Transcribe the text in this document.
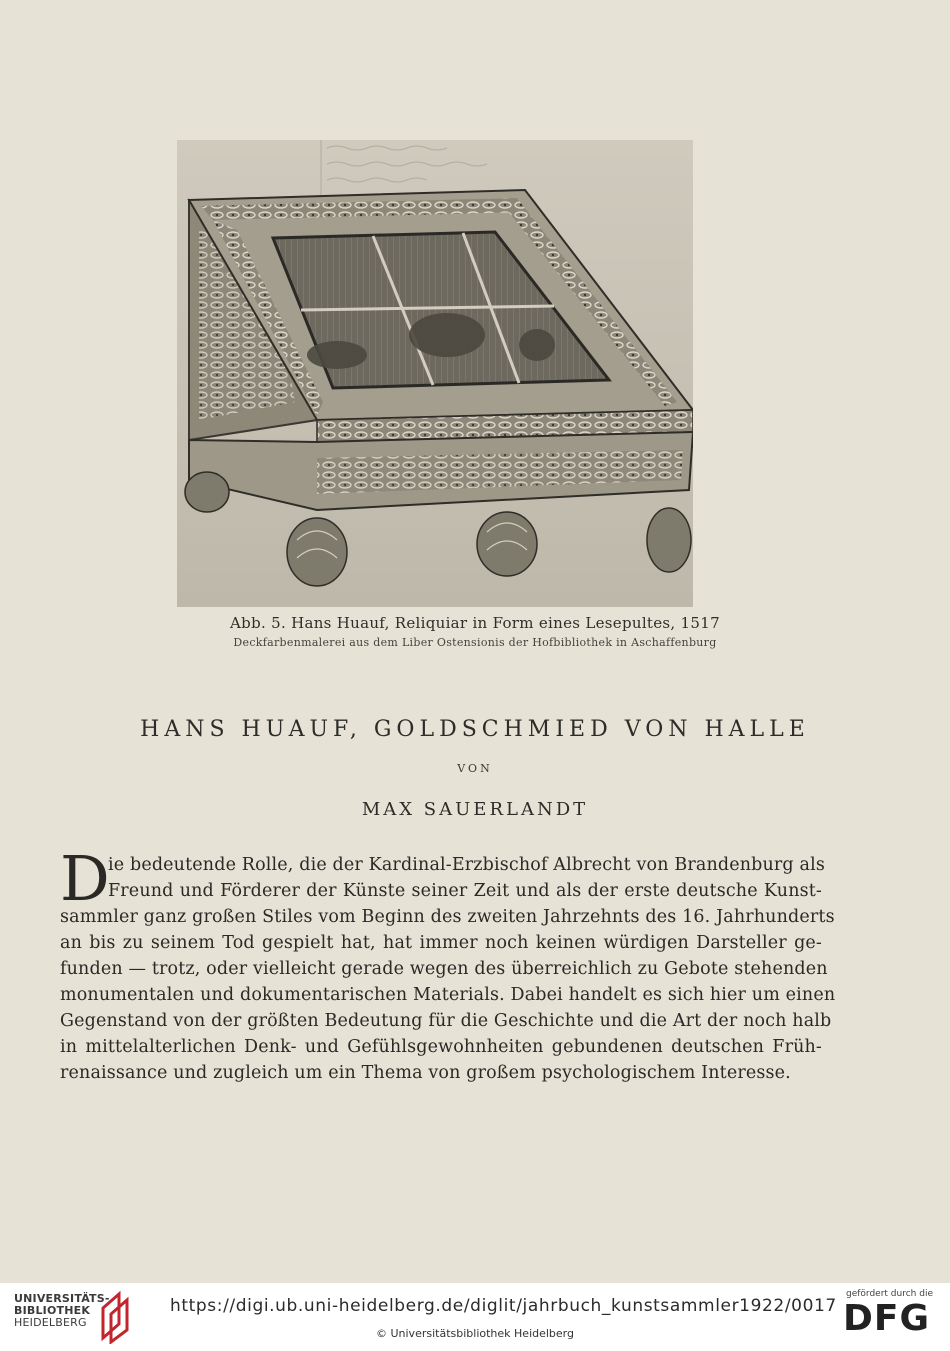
Abb. 5. Hans Huauf, Reliquiar in Form eines Lesepultes, 1517
Deckfarbenmalerei aus dem Liber Ostensionis der Hofbibliothek in Aschaffenburg
HANS HUAUF, GOLDSCHMIED VON HALLE
VON
MAX SAUERLANDT
D
ie bedeutende Rolle, die der Kardinal-Erzbischof Albrecht von Brandenburg als
Freund und Förderer der Künste seiner Zeit und als der erste deutsche Kunst-
sammler ganz großen Stiles vom Beginn des zweiten Jahrzehnts des 16. Jahrhunderts
an bis zu seinem Tod gespielt hat, hat immer noch keinen würdigen Darsteller ge-
funden — trotz, oder vielleicht gerade wegen des überreichlich zu Gebote stehenden
monumentalen und dokumentarischen Materials. Dabei handelt es sich hier um einen
Gegenstand von der größten Bedeutung für die Geschichte und die Art der noch halb
in mittelalterlichen Denk- und Gefühlsgewohnheiten gebundenen deutschen Früh-
renaissance und zugleich um ein Thema von großem psychologischem Interesse.
UNIVERSITÄTS-
BIBLIOTHEK
HEIDELBERG
https://digi.ub.uni-heidelberg.de/diglit/jahrbuch_kunstsammler1922/0017
© Universitätsbibliothek Heidelberg
gefördert durch die
DFG
